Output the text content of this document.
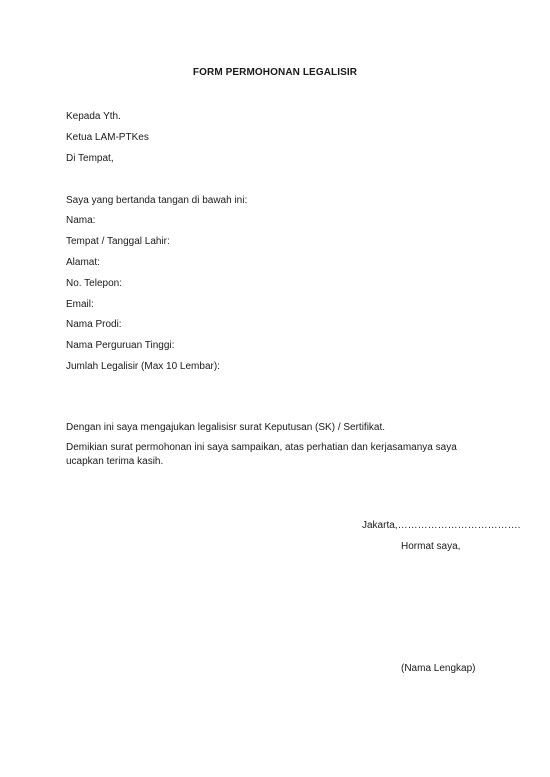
FORM PERMOHONAN LEGALISIR
Kepada Yth.
Ketua LAM-PTKes
Di Tempat,
Saya yang bertanda tangan di bawah ini:
Nama:
Tempat / Tanggal Lahir:
Alamat:
No. Telepon:
Email:
Nama Prodi:
Nama Perguruan Tinggi:
Jumlah Legalisir (Max 10 Lembar):
Dengan ini saya mengajukan legalisisr surat Keputusan (SK) / Sertifikat.
Demikian surat permohonan ini saya sampaikan, atas perhatian dan kerjasamanya saya ucapkan terima kasih.
Jakarta,……………………………….
Hormat saya,
(Nama Lengkap)
